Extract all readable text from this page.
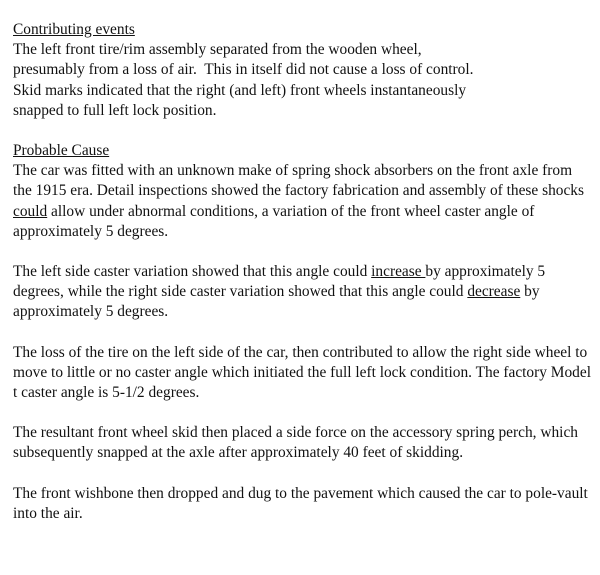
Contributing events

The left front tire/rim assembly separated from the wooden wheel,
presumably from a loss of air.  This in itself did not cause a loss of control.
Skid marks indicated that the right (and left) front wheels instantaneously
snapped to full left lock position.

Probable Cause

The car was fitted with an unknown make of spring shock absorbers on the front axle from the 1915 era. Detail inspections showed the factory fabrication and assembly of these shocks could allow under abnormal conditions, a variation of the front wheel caster angle of approximately 5 degrees.

The left side caster variation showed that this angle could increase by approximately 5 degrees, while the right side caster variation showed that this angle could decrease by approximately 5 degrees.

The loss of the tire on the left side of the car, then contributed to allow the right side wheel to move to little or no caster angle which initiated the full left lock condition. The factory Model t caster angle is 5-1/2 degrees.

The resultant front wheel skid then placed a side force on the accessory spring perch, which subsequently snapped at the axle after approximately 40 feet of skidding.

The front wishbone then dropped and dug to the pavement which caused the car to pole-vault into the air.
